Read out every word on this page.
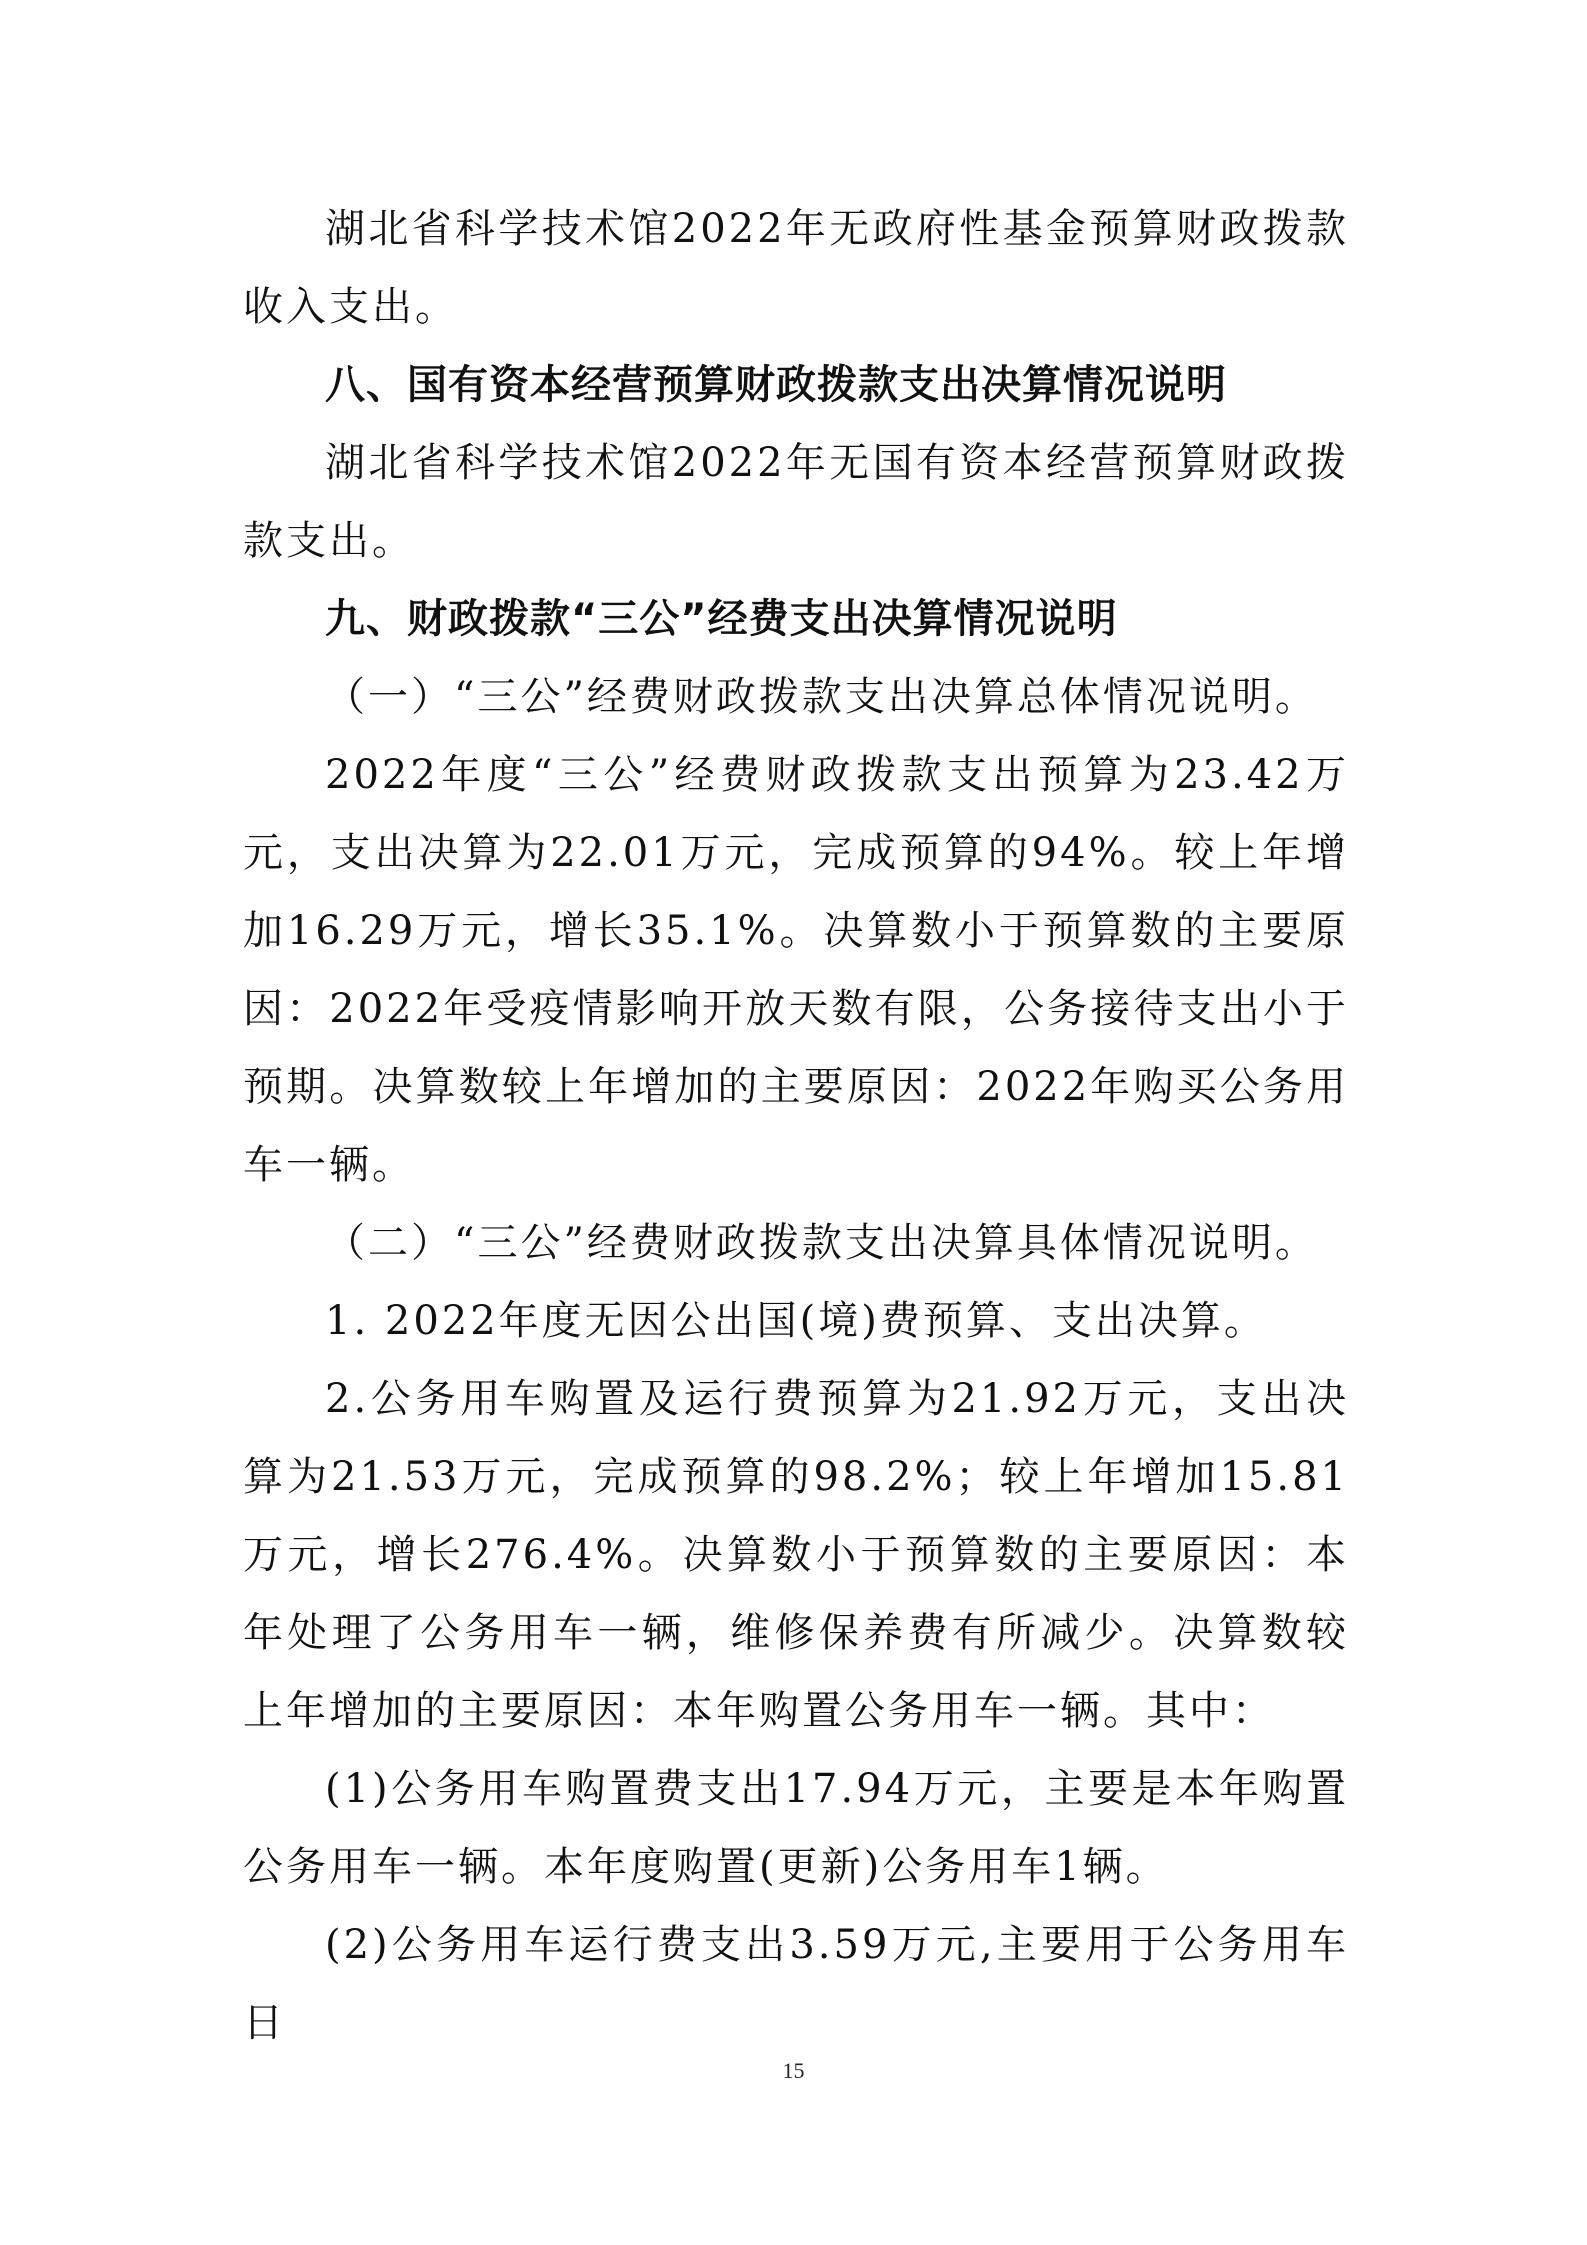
湖北省科学技术馆2022年无政府性基金预算财政拨款收入支出。

八、国有资本经营预算财政拨款支出决算情况说明

湖北省科学技术馆2022年无国有资本经营预算财政拨款支出。

九、财政拨款“三公”经费支出决算情况说明

（一）“三公”经费财政拨款支出决算总体情况说明。

2022年度“三公”经费财政拨款支出预算为23.42万元，支出决算为22.01万元，完成预算的94%。较上年增加16.29万元，增长35.1%。决算数小于预算数的主要原因：2022年受疫情影响开放天数有限，公务接待支出小于预期。决算数较上年增加的主要原因：2022年购买公务用车一辆。

（二）“三公”经费财政拨款支出决算具体情况说明。

1. 2022年度无因公出国(境)费预算、支出决算。

2.公务用车购置及运行费预算为21.92万元，支出决算为21.53万元，完成预算的98.2%；较上年增加15.81万元，增长276.4%。决算数小于预算数的主要原因：本年处理了公务用车一辆，维修保养费有所减少。决算数较上年增加的主要原因：本年购置公务用车一辆。其中：

(1)公务用车购置费支出17.94万元，主要是本年购置公务用车一辆。本年度购置(更新)公务用车1辆。

(2)公务用车运行费支出3.59万元,主要用于公务用车日

15
